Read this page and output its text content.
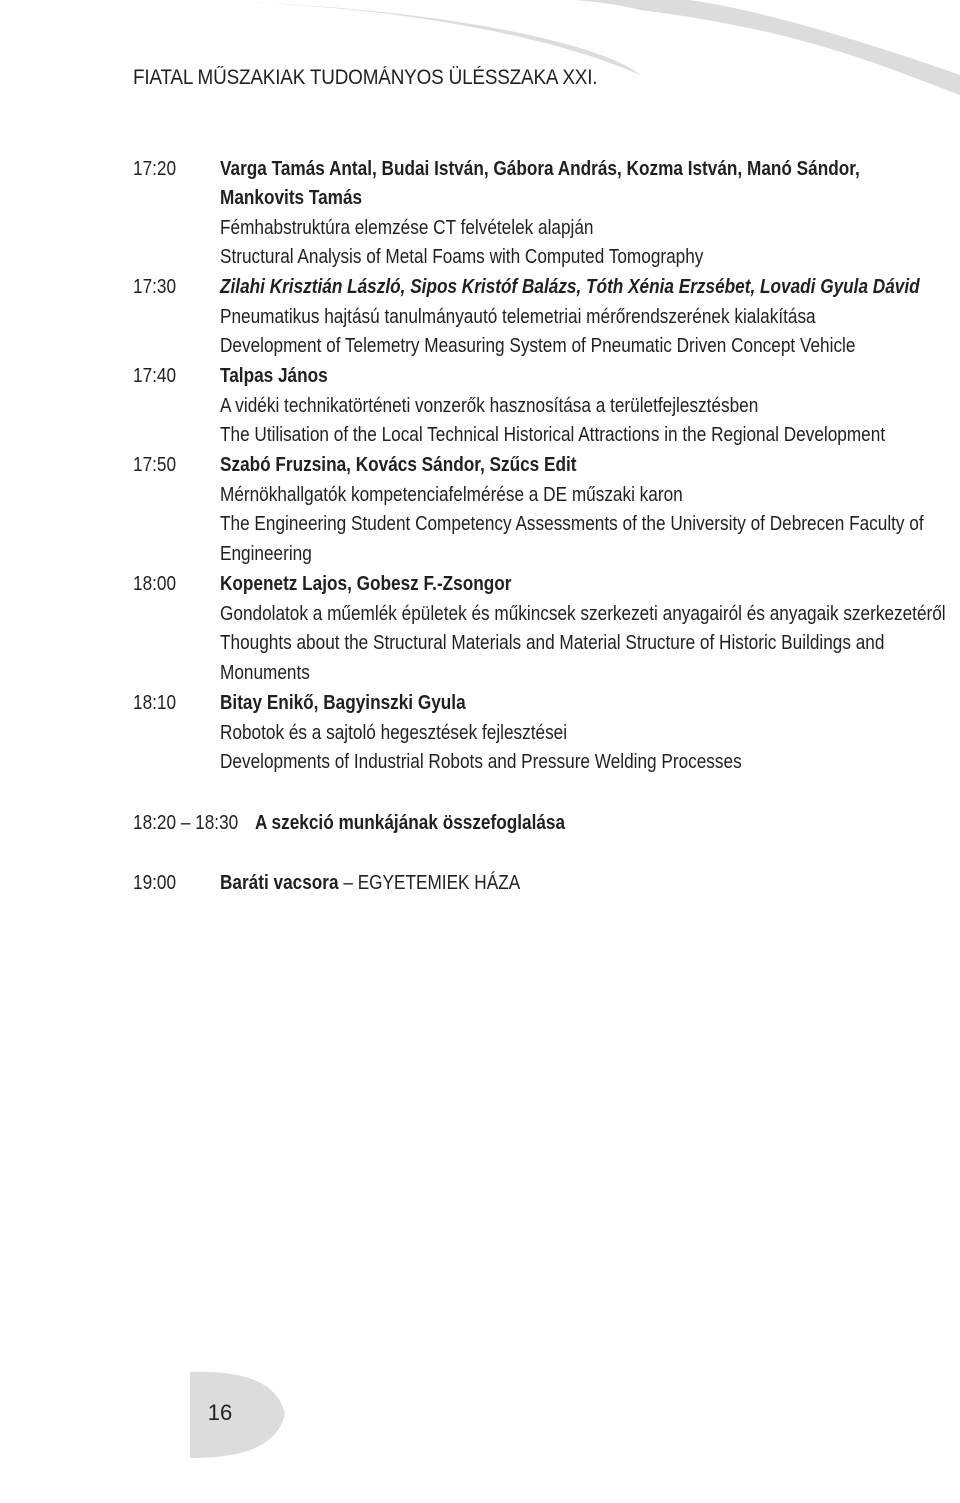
FIATAL MŰSZAKIAK TUDOMÁNYOS ÜLÉSSZAKA XXI.
17:20 Varga Tamás Antal, Budai István, Gábora András, Kozma István, Manó Sándor,
Mankovits Tamás
Fémhabstruktúra elemzése CT felvételek alapján
Structural Analysis of Metal Foams with Computed Tomography
17:30 Zilahi Krisztián László, Sipos Kristóf Balázs, Tóth Xénia Erzsébet, Lovadi Gyula Dávid
Pneumatikus hajtású tanulmányautó telemetriai mérőrendszerének kialakítása
Development of Telemetry Measuring System of Pneumatic Driven Concept Vehicle
17:40 Talpas János
A vidéki technikatörténeti vonzerők hasznosítása a területfejlesztésben
The Utilisation of the Local Technical Historical Attractions in the Regional Development
17:50 Szabó Fruzsina, Kovács Sándor, Szűcs Edit
Mérnökhallgatók kompetenciafelmérése a DE műszaki karon
The Engineering Student Competency Assessments of the University of Debrecen Faculty of
Engineering
18:00 Kopenetz Lajos, Gobesz F.-Zsongor
Gondolatok a műemlék épületek és műkincsek szerkezeti anyagairól és anyagaik szerkezetéről
Thoughts about the Structural Materials and Material Structure of Historic Buildings and
Monuments
18:10 Bitay Enikő, Bagyinszki Gyula
Robotok és a sajtoló hegesztések fejlesztései
Developments of Industrial Robots and Pressure Welding Processes
18:20 – 18:30 A szekció munkájának összefoglalása
19:00 Baráti vacsora – EGYETEMIEK HÁZA
16
